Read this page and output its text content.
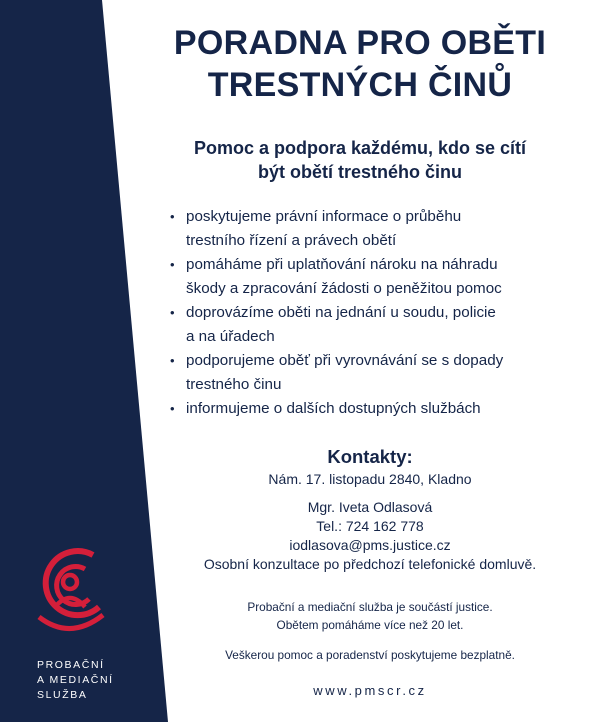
PROBAČNÍ
A MEDIAČNÍ
SLUŽBA
PORADNA PRO OBĚTI
TRESTNÝCH ČINŮ
Pomoc a podpora každému, kdo se cítí
být obětí trestného činu
• poskytujeme právní informace o průběhu
trestního řízení a právech obětí
• pomáháme při uplatňování nároku na náhradu
škody a zpracování žádosti o peněžitou pomoc
• doprovázíme oběti na jednání u soudu, policie
a na úřadech
• podporujeme oběť při vyrovnávání se s dopady
trestného činu
• informujeme o dalších dostupných službách
Kontakty:
Nám. 17. listopadu 2840, Kladno
Mgr. Iveta Odlasová
Tel.: 724 162 778
iodlasova@pms.justice.cz
Osobní konzultace po předchozí telefonické domluvě.
Probační a mediační služba je součástí justice.
Obětem pomáháme více než 20 let.
Veškerou pomoc a poradenství poskytujeme bezplatně.
www.pmscr.cz
